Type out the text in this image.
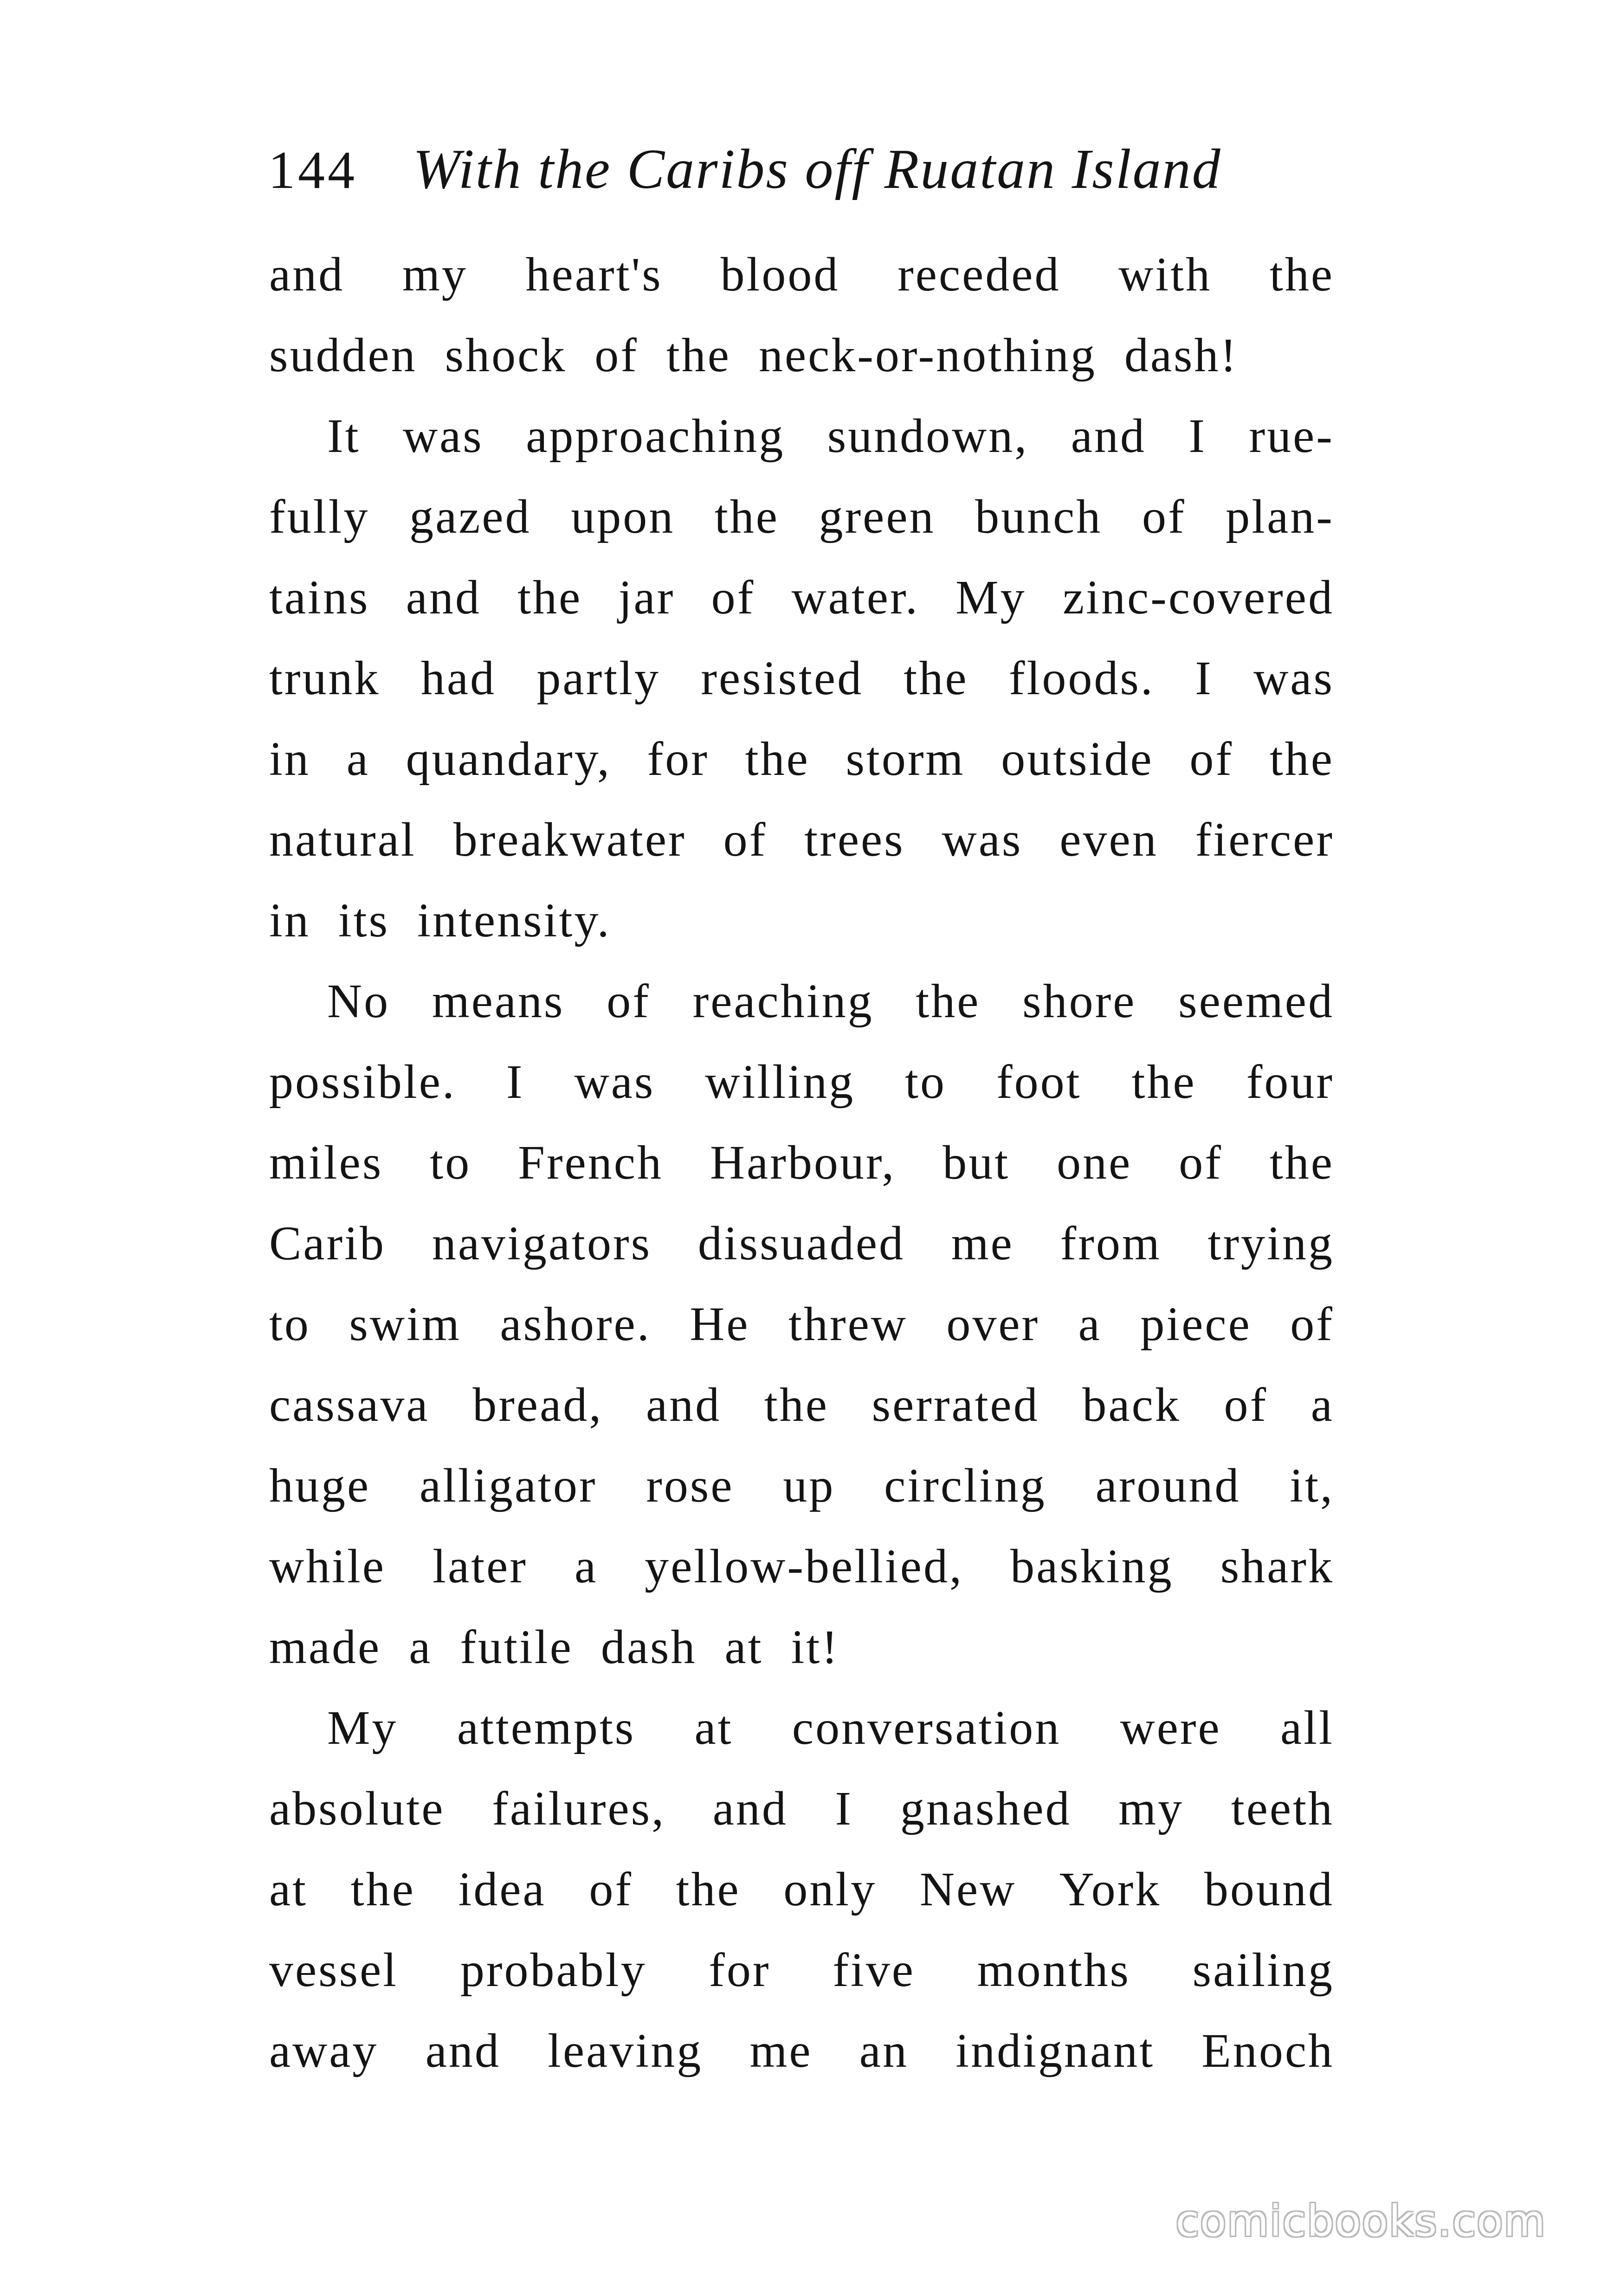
144 With the Caribs off Ruatan Island
and my heart's blood receded with the
sudden shock of the neck-or-nothing dash!
It was approaching sundown, and I rue-
fully gazed upon the green bunch of plan-
tains and the jar of water. My zinc-covered
trunk had partly resisted the floods. I was
in a quandary, for the storm outside of the
natural breakwater of trees was even fiercer
in its intensity.
No means of reaching the shore seemed
possible. I was willing to foot the four
miles to French Harbour, but one of the
Carib navigators dissuaded me from trying
to swim ashore. He threw over a piece of
cassava bread, and the serrated back of a
huge alligator rose up circling around it,
while later a yellow-bellied, basking shark
made a futile dash at it!
My attempts at conversation were all
absolute failures, and I gnashed my teeth
at the idea of the only New York bound
vessel probably for five months sailing
away and leaving me an indignant Enoch
comicbooks.com
